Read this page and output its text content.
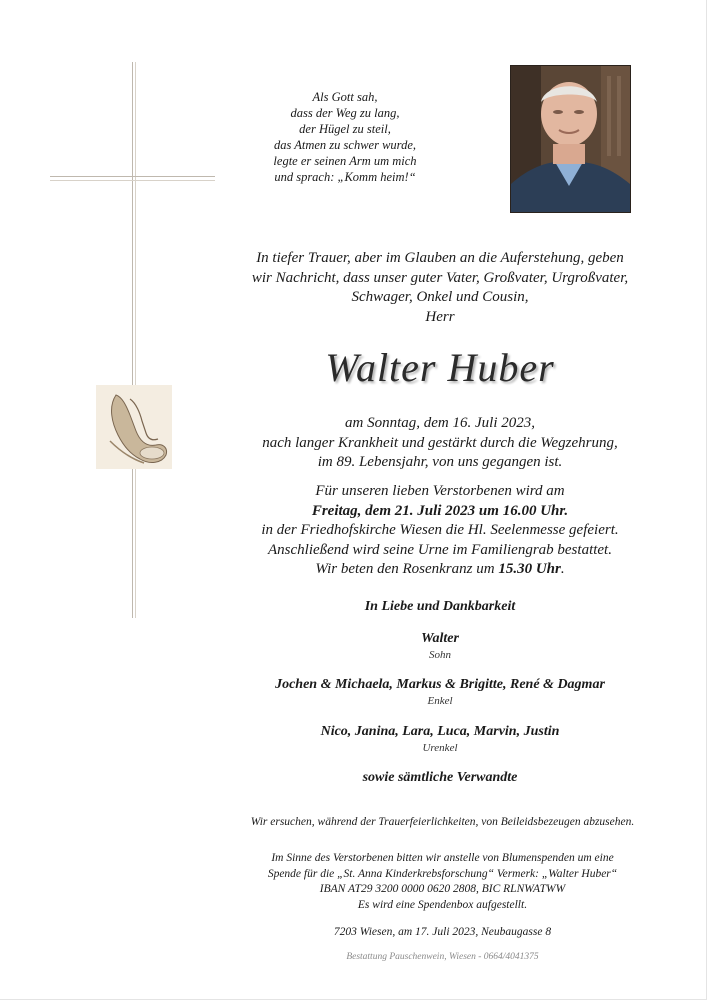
Als Gott sah,
dass der Weg zu lang,
der Hügel zu steil,
das Atmen zu schwer wurde,
legte er seinen Arm um mich
und sprach: „Komm heim!“
In tiefer Trauer, aber im Glauben an die Auferstehung, geben
wir Nachricht, dass unser guter Vater, Großvater, Urgroßvater,
Schwager, Onkel und Cousin,
Herr
Walter Huber
am Sonntag, dem 16. Juli 2023,
nach langer Krankheit und gestärkt durch die Wegzehrung,
im 89. Lebensjahr, von uns gegangen ist.
Für unseren lieben Verstorbenen wird am
Freitag, dem 21. Juli 2023 um 16.00 Uhr.
in der Friedhofskirche Wiesen die Hl. Seelenmesse gefeiert.
Anschließend wird seine Urne im Familiengrab bestattet.
Wir beten den Rosenkranz um 15.30 Uhr.
In Liebe und Dankbarkeit
Walter
Sohn
Jochen & Michaela, Markus & Brigitte, René & Dagmar
Enkel
Nico, Janina, Lara, Luca, Marvin, Justin
Urenkel
sowie sämtliche Verwandte
Wir ersuchen, während der Trauerfeierlichkeiten, von Beileidsbezeugen abzusehen.
Im Sinne des Verstorbenen bitten wir anstelle von Blumenspenden um eine
Spende für die „St. Anna Kinderkrebsforschung“ Vermerk: „Walter Huber“
IBAN AT29 3200 0000 0620 2808, BIC RLNWATWW
Es wird eine Spendenbox aufgestellt.
7203 Wiesen, am 17. Juli 2023, Neubaugasse 8
Bestattung Pauschenwein, Wiesen - 0664/4041375
